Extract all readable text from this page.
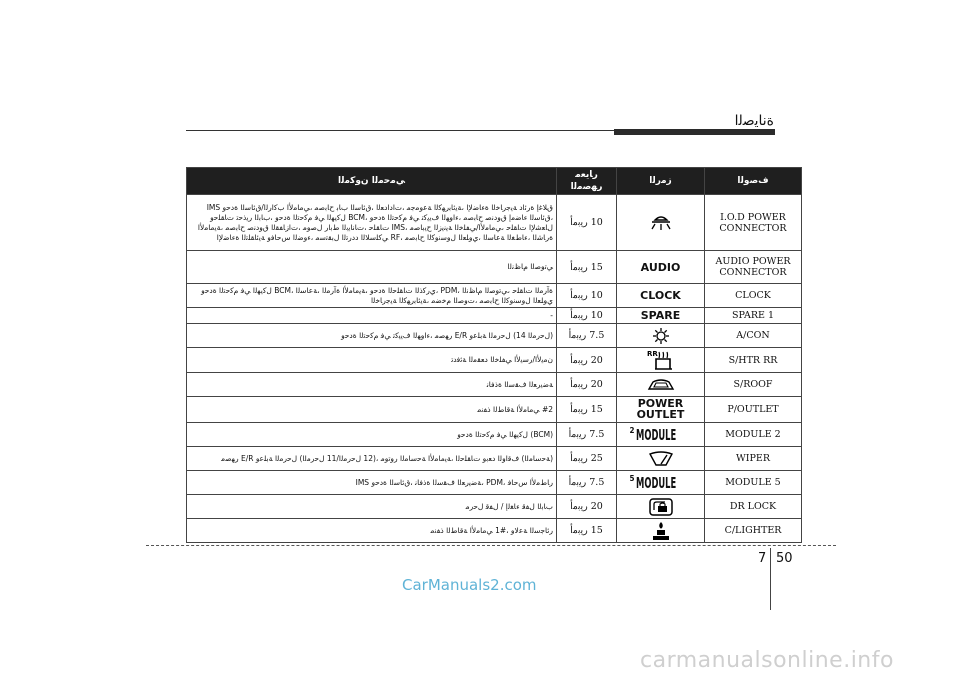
ﺓﻧﺎﻳﺻﻟﺍ
ﻲﻣﺣﻣﻟﺍ ﻥﻭﻛﻣﻟﺍ	ﺭﺎﻳﻌﻣ ﺭﻬﺻﻣﻟﺍ	ﺯﻣﺭﻟﺍ	ﻑﺻﻭﻟﺍ
ﻕﻼﻏﺇ ﺓﺭﺋﺍﺩ ﺔﻳﺟﺭﺎﺧﻟﺍ ﺓﺀﺎﺿﻹﺍ ،ﺔﻳﺋﺎﺑﺭﻬﻛﻟﺍ ﺔﻋﻭﻣﺟﻣ ،ﺕﺍﺩﺍﺩﻌﻟﺍ ،ﻕﺋﺎﺳﻟﺍ ﺏﺎﺑ ﺡﺎﺑﺻﻣ ،ﻲﻣﺎﻣﻷﺍ ﺏﻛﺍﺭﻟﺍ/ﻕﺋﺎﺳﻟﺍ ﺓﺩﺣﻭ IMS ،ﻕﺋﺎﺳﻟﺍ ﺀﺎﺿﻣﺇ ﻕﻭﺩﻧﺻ ﺡﺎﺑﺻﻣ ،ﺀﺍﻭﻬﻟﺍ ﻑﻳﻳﻛﺗ ﻲﻓ ﻡﻛﺣﺗﻟﺍ ﺓﺩﺣﻭ ،BCM ﻝﻛﻳﻬﻟﺍ ﻲﻓ ﻡﻛﺣﺗﻟﺍ ﺓﺩﺣﻭ ،ﺏﺎﺑﻟﺍ ﺭﻳﺫﺣﺗ ﺕﺎﻘﻠﺣﻭ ﻝﺎﻌﺷﻹﺍ ﺕﺎﻘﻠﺣ ،ﻲﻣﺎﻣﻷﺍ/ﻲﻔﻠﺧﻟﺍ ﺔﻳﻧﻳﺯﻟﺍ ﺡﻳﺑﺎﺻﻣ ،IMS ﺕﺎﻘﻠﺣ ،ﺕﺎﻧﺎﻳﺑﻟﺍ ﻁﺑﺍﺭ ﻝﺻﻭﻣ ،ﺕﺍﺯﺎﻔﻘﻟﺍ ﻕﻭﺩﻧﺻ ﺡﺎﺑﺻﻣ ،ﺔﻳﻣﺎﻣﻷﺍ ﺓﺭﺎﺷﻟﺍ ،ﺀﺎﻁﻐﻟﺍ ﺔﻋﺎﺳﻟﺍ ،ﻱﻭﻠﻌﻟﺍ ﻝﻭﺳﻧﻭﻛﻟﺍ ﺡﺎﺑﺻﻣ ،RF ﻲﻛﻠﺳﻼﻟﺍ ﺩﺩﺭﺗﻟﺍ ﻝﺑﻘﺗﺳﻣ ،ﺀﻭﺿﻟﺍ ﺱﺣﺎﻓﻭ ﺔﻳﺋﺎﻘﻠﺗﻟﺍ ﺓﺀﺎﺿﻹﺍ	10 ﺭﻳﺑﻣﺃ		I.O.D POWER CONNECTOR
ﻲﺗﻭﺻﻟﺍ ﻡﺎﻅﻧﻟﺍ	15 ﺭﻳﺑﻣﺃ	AUDIO	AUDIO POWER CONNECTOR
ﺓﺁﺭﻣﻟﺍ ﺕﺎﻘﻠﺣ ،ﻲﺗﻭﺻﻟﺍ ﻡﺎﻅﻧﻟﺍ ،PDM ،ﻱﺭﻛﺫﻟﺍ ﺕﺎﻘﻠﺣﻟﺍ ﺓﺩﺣﻭ ،ﺔﻳﻣﺎﻣﻷﺍ ﺓﺁﺭﻣﻟﺍ ،ﺔﻋﺎﺳﻟﺍ ،BCM ﻝﻛﻳﻬﻟﺍ ﻲﻓ ﻡﻛﺣﺗﻟﺍ ﺓﺩﺣﻭ ﻱﻭﻠﻌﻟﺍ ﻝﻭﺳﻧﻭﻛﻟﺍ ﺡﺎﺑﺻﻣ ،ﺕﻭﺻﻟﺍ ﻡﺧﺿﻣ ،ﺔﻳﺋﺎﺑﺭﻬﻛﻟﺍ ﺔﻳﺟﺭﺎﺧﻟﺍ	10 ﺭﻳﺑﻣﺃ	CLOCK	CLOCK
-	10 ﺭﻳﺑﻣﺃ	SPARE	SPARE 1
(ﻝﺣﺭﻣﻟﺍ 14) ﻝﺣﺭﻣﻟﺍ ﺔﺑﻠﻋﻭ E/R ﺭﻬﺻﻣ ،ﺀﺍﻭﻬﻟﺍ ﻑﻳﻳﻛﺗ ﻲﻓ ﻡﻛﺣﺗﻟﺍ ﺓﺩﺣﻭ	7.5 ﺭﻳﺑﻣﺃ		A/CON
ﻥﻣﻳﻷﺍ/ﺭﺳﻳﻷﺍ ﻲﻔﻠﺧﻟﺍ ﺩﻌﻘﻣﻟﺍ ﺔﺋﻓﺩﺗ	20 ﺭﻳﺑﻣﺃ	RR	S/HTR RR
ﺔﺿﻳﺭﻌﻟﺍ ﻑﻘﺳﻟﺍ ﺓﺫﻓﺎﻧ	20 ﺭﻳﺑﻣﺃ		S/ROOF
#2 ﻲﻣﺎﻣﻷﺍ ﺔﻗﺎﻁﻟﺍ ﺫﻔﻧﻣ	15 ﺭﻳﺑﻣﺃ	POWER OUTLET	P/OUTLET
(BCM) ﻝﻛﻳﻬﻟﺍ ﻲﻓ ﻡﻛﺣﺗﻟﺍ ﺓﺩﺣﻭ	7.5 ﺭﻳﺑﻣﺃ	2 MODULE	MODULE 2
(ﺔﺣﺳﺎﻣﻟﺍ) ﻑﻗﺍﻭﻟﺍ ﺩﻌﺑﻭ ﺕﺎﻘﻠﺣﻟﺍ ،ﺔﻳﻣﺎﻣﻷﺍ ﺔﺣﺳﺎﻣﻟﺍ ﺭﻭﺗﻭﻣ ،(12 ﻝﺣﺭﻣﻟﺍ/11 ﻝﺣﺭﻣﻟﺍ) ﻝﺣﺭﻣﻟﺍ ﺔﺑﻠﻋﻭ E/R ﺭﻬﺻﻣ	25 ﺭﻳﺑﻣﺃ		WIPER
ﺭﺎﻁﻣﻷﺍ ﺱﺣﺎﻓ ،PDM ،ﺔﺿﻳﺭﻌﻟﺍ ﻑﻘﺳﻟﺍ ﺓﺫﻓﺎﻧ ،ﻕﺋﺎﺳﻟﺍ ﺓﺩﺣﻭ IMS	7.5 ﺭﻳﺑﻣﺃ	5 MODULE	MODULE 5
ﺏﺎﺑﻟﺍ ﻝﻔﻗ ﺀﺎﻐﻟﺇ / ﻝﻔﻗ ﻝﺣﺭﻣ	20 ﺭﻳﺑﻣﺃ		DR LOCK
ﺭﺋﺎﺟﺳﻟﺍ ﺔﻋﻻﻭ ،#1 ﻲﻣﺎﻣﻷﺍ ﺔﻗﺎﻁﻟﺍ ﺫﻔﻧﻣ	15 ﺭﻳﺑﻣﺃ		C/LIGHTER
7 50
CarManuals2.com
carmanualsonline.info
